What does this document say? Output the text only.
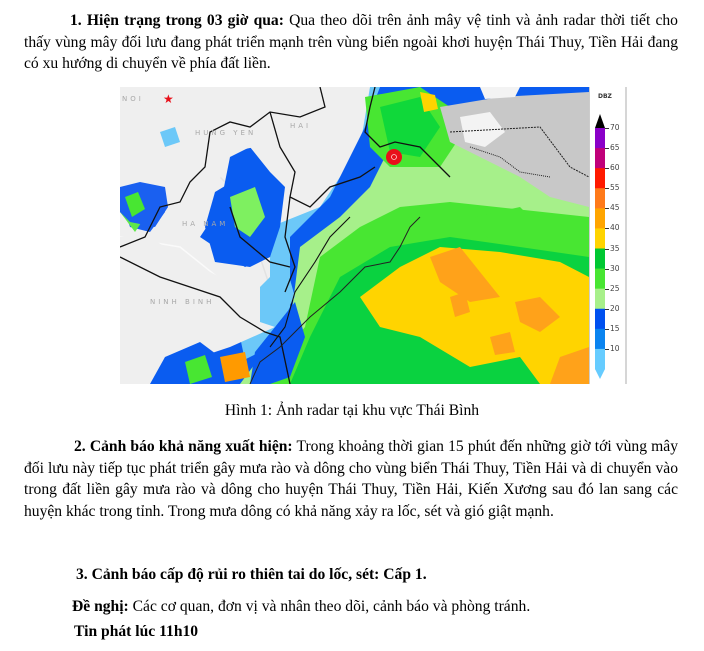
1. Hiện trạng trong 03 giờ qua: Qua theo dõi trên ảnh mây vệ tinh và ảnh radar thời tiết cho thấy vùng mây đối lưu đang phát triển mạnh trên vùng biển ngoài khơi huyện Thái Thuy, Tiền Hải đang có xu hướng di chuyển về phía đất liền.
NOI
HUNG YEN
HAI
HA NAM
NINH BINH
★	DBZ
70
65
60
55
45
40
35
30
25
20
15
10
Hình 1: Ảnh radar tại khu vực Thái Bình
2. Cảnh báo khả năng xuất hiện: Trong khoảng thời gian 15 phút đến những giờ tới vùng mây đối lưu này tiếp tục phát triển gây mưa rào và dông cho vùng biển Thái Thuy, Tiền Hải và di chuyển vào trong đất liền gây mưa rào và dông cho huyện Thái Thuy, Tiền Hải, Kiến Xương sau đó lan sang các huyện khác trong tỉnh. Trong mưa dông có khả năng xảy ra lốc, sét và gió giật mạnh.
3. Cảnh báo cấp độ rủi ro thiên tai do lốc, sét: Cấp 1.
Đề nghị: Các cơ quan, đơn vị và nhân theo dõi, cảnh báo và phòng tránh.
Tin phát lúc 11h10
